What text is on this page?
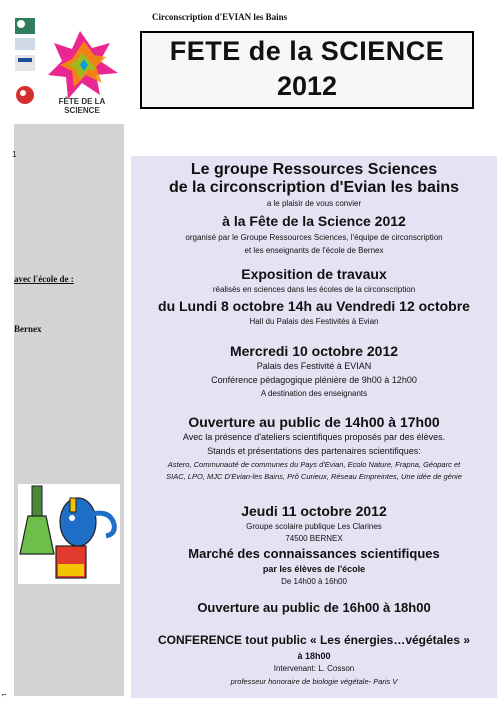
FÊTE DE LA SCIENCE
Circonscription d'EVIAN les Bains
FETE de la SCIENCE
2012
1
avec l'école de :
Bernex
⌐
Le groupe Ressources Sciences
de la circonscription d'Evian les bains
a le plaisir de vous convier
à la Fête de la Science 2012
organisé par le Groupe Ressources Sciences, l'équipe de circonscription
et les enseignants de l'école de Bernex
Exposition de travaux
réalisés en sciences dans les écoles de la circonscription
du Lundi 8 octobre 14h au Vendredi 12 octobre
Hall du Palais des Festivités à Evian
Mercredi 10 octobre 2012
Palais des Festivité à EVIAN
Conférence pédagogique plénière de 9h00 à 12h00
A destination des enseignants
Ouverture au public de 14h00 à 17h00
Avec la présence d'ateliers scientifiques proposés par des élèves.
Stands et présentations des partenaires scientifiques:
Astero, Communauté de communes du Pays d'Evian, Ecolo Nature, Frapna, Géoparc et
SIAC, LPO, MJC D'Evian-les Bains, Prô Curieux, Réseau Empreintes, Une idée de génie
Jeudi 11 octobre 2012
Groupe scolaire publique Les Clarines
74500 BERNEX
Marché des connaissances scientifiques
par les élèves de l'école
De 14h00 à 16h00
Ouverture au public de 16h00 à 18h00
CONFERENCE tout public « Les énergies…végétales »
à 18h00
Intervenant: L. Cosson
professeur honoraire de biologie végétale- Paris V
